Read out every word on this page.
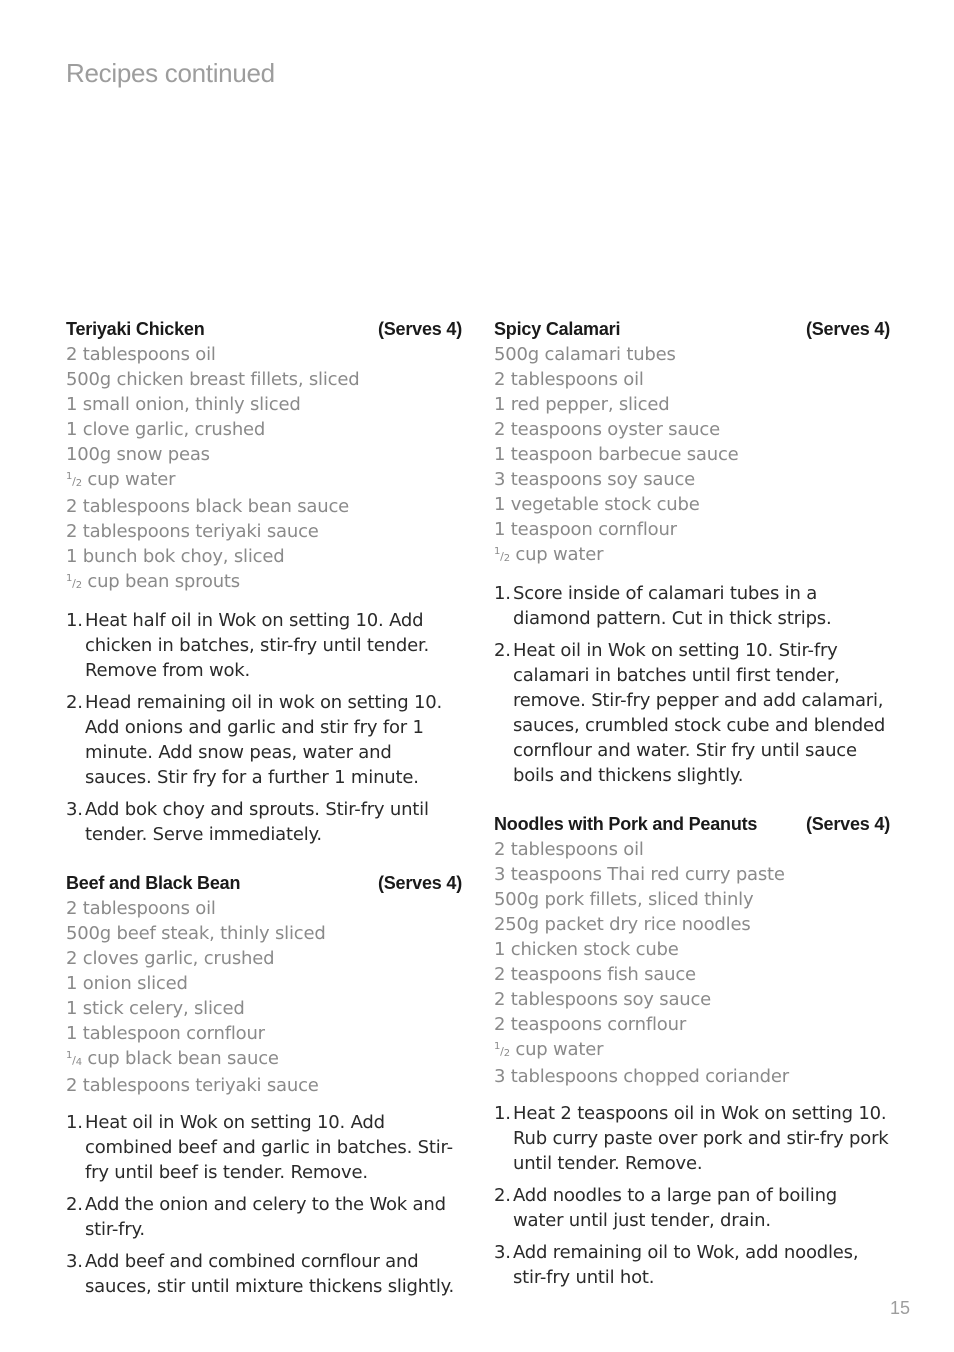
Recipes continued
Teriyaki Chicken	(Serves 4)
2 tablespoons oil
500g chicken breast fillets, sliced
1 small onion, thinly sliced
1 clove garlic, crushed
100g snow peas
$^1/_2$ cup water
2 tablespoons black bean sauce
2 tablespoons teriyaki sauce
1 bunch bok choy, sliced
$^1/_2$ cup bean sprouts
1. Heat half oil in Wok on setting 10. Add chicken in batches, stir-fry until tender. Remove from wok.
2. Head remaining oil in wok on setting 10. Add onions and garlic and stir fry for 1 minute. Add snow peas, water and sauces. Stir fry for a further 1 minute.
3. Add bok choy and sprouts. Stir-fry until tender. Serve immediately.
Beef and Black Bean	(Serves 4)
2 tablespoons oil
500g beef steak, thinly sliced
2 cloves garlic, crushed
1 onion sliced
1 stick celery, sliced
1 tablespoon cornflour
$^1/_4$ cup black bean sauce
2 tablespoons teriyaki sauce
1. Heat oil in Wok on setting 10. Add combined beef and garlic in batches. Stir-fry until beef is tender. Remove.
2. Add the onion and celery to the Wok and stir-fry.
3. Add beef and combined cornflour and sauces, stir until mixture thickens slightly.
Spicy Calamari	(Serves 4)
500g calamari tubes
2 tablespoons oil
1 red pepper, sliced
2 teaspoons oyster sauce
1 teaspoon barbecue sauce
3 teaspoons soy sauce
1 vegetable stock cube
1 teaspoon cornflour
$^1/_2$ cup water
1. Score inside of calamari tubes in a diamond pattern. Cut in thick strips.
2. Heat oil in Wok on setting 10. Stir-fry calamari in batches until first tender, remove. Stir-fry pepper and add calamari, sauces, crumbled stock cube and blended cornflour and water. Stir fry until sauce boils and thickens slightly.
Noodles with Pork and Peanuts	(Serves 4)
2 tablespoons oil
3 teaspoons Thai red curry paste
500g pork fillets, sliced thinly
250g packet dry rice noodles
1 chicken stock cube
2 teaspoons fish sauce
2 tablespoons soy sauce
2 teaspoons cornflour
$^1/_2$ cup water
3 tablespoons chopped coriander
1. Heat 2 teaspoons oil in Wok on setting 10. Rub curry paste over pork and stir-fry pork until tender. Remove.
2. Add noodles to a large pan of boiling water until just tender, drain.
3. Add remaining oil to Wok, add noodles, stir-fry until hot.
15
